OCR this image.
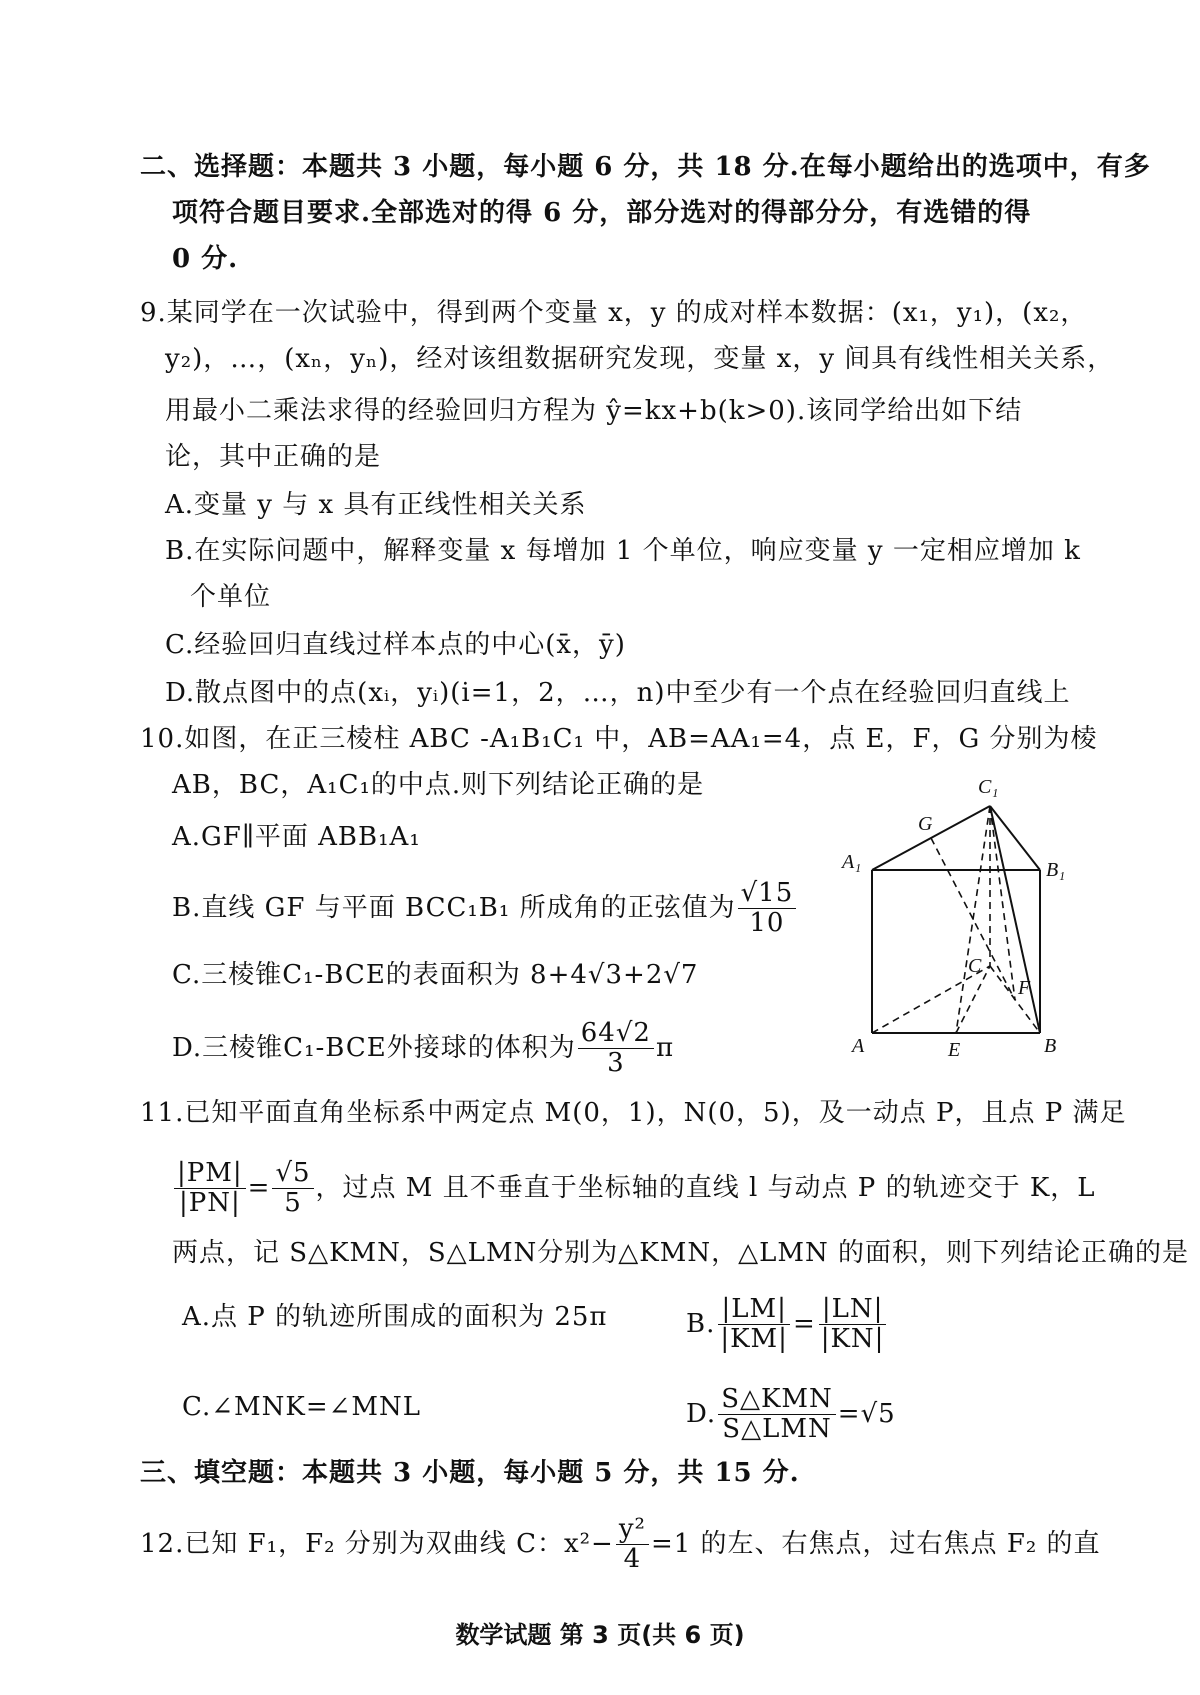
二、选择题：本题共 3 小题，每小题 6 分，共 18 分.在每小题给出的选项中，有多
项符合题目要求.全部选对的得 6 分，部分选对的得部分分，有选错的得
0 分.
9.某同学在一次试验中，得到两个变量 x，y 的成对样本数据：(x₁，y₁)，(x₂，
y₂)，…，(xₙ，yₙ)，经对该组数据研究发现，变量 x，y 间具有线性相关关系，
用最小二乘法求得的经验回归方程为 ŷ=kx+b(k>0).该同学给出如下结
论，其中正确的是
A.变量 y 与 x 具有正线性相关关系
B.在实际问题中，解释变量 x 每增加 1 个单位，响应变量 y 一定相应增加 k
个单位
C.经验回归直线过样本点的中心(x̄，ȳ)
D.散点图中的点(xᵢ，yᵢ)(i=1，2，…，n)中至少有一个点在经验回归直线上
10.如图，在正三棱柱 ABC -A₁B₁C₁ 中，AB=AA₁=4，点 E，F，G 分别为棱
AB，BC，A₁C₁的中点.则下列结论正确的是
A.GF∥平面 ABB₁A₁
B.直线 GF 与平面 BCC₁B₁ 所成角的正弦值为 $\frac{√15}{10}$
C.三棱锥C₁-BCE的表面积为 8+4√3+2√7
D.三棱锥C₁-BCE外接球的体积为 $\frac{64√2}{3}$ π
C₁
G
A₁	B₁
C
F
A	E	B
11.已知平面直角坐标系中两定点 M(0，1)，N(0，5)，及一动点 P，且点 P 满足
$\frac{|PM|}{|PN|} = \frac{√5}{5}$ ，过点 M 且不垂直于坐标轴的直线 l 与动点 P 的轨迹交于 K，L
两点，记 S△KMN，S△LMN分别为△KMN，△LMN 的面积，则下列结论正确的是
A.点 P 的轨迹所围成的面积为 25π	B. $\frac{|LM|}{|KM|} = \frac{|LN|}{|KN|}$
C.∠MNK=∠MNL	D. $\frac{\text{S△KMN}}{\text{S△LMN}} =√5$
三、填空题：本题共 3 小题，每小题 5 分，共 15 分.
12.已知 F₁，F₂ 分别为双曲线 C：$x^2- \frac{\text{y²}}{4} =1$ 的左、右焦点，过右焦点 F₂ 的直
数学试题 第 3 页(共 6 页)
